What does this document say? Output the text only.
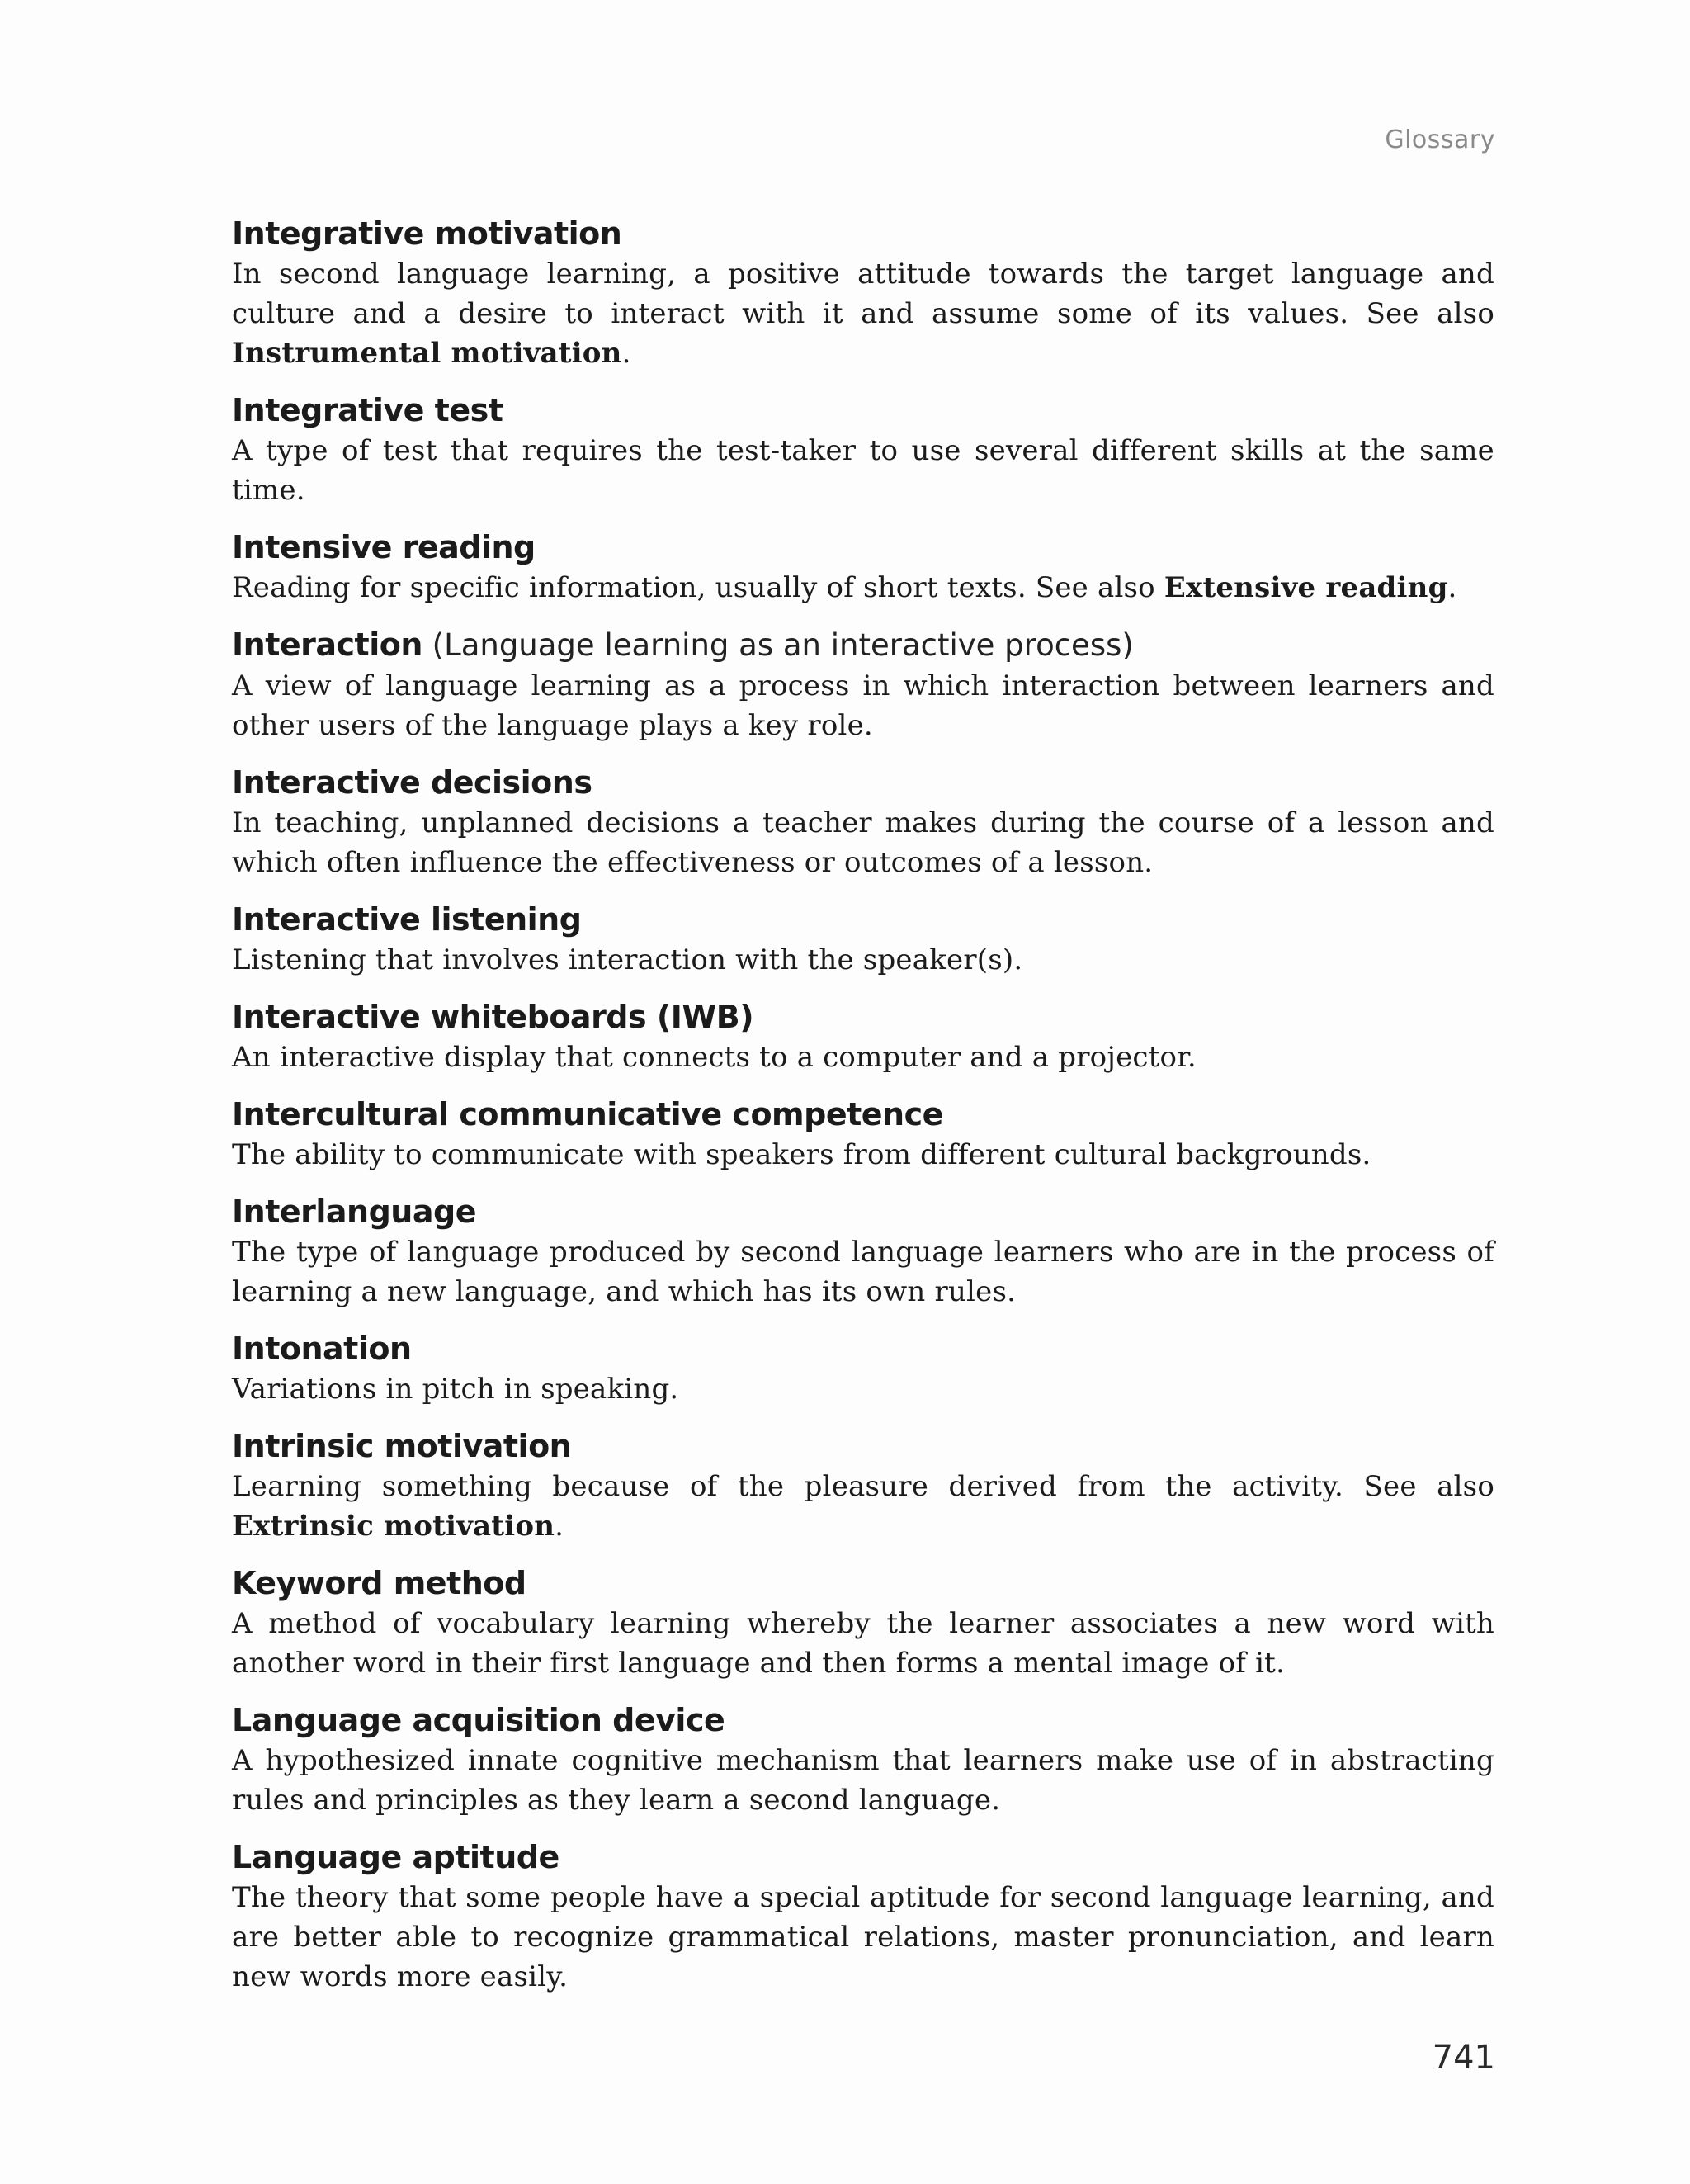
Glossary

Integrative motivation

In second language learning, a positive attitude towards the target language and culture and a desire to interact with it and assume some of its values. See also Instrumental motivation.

Integrative test

A type of test that requires the test-taker to use several different skills at the same time.

Intensive reading

Reading for specific information, usually of short texts. See also Extensive reading.

Interaction (Language learning as an interactive process)

A view of language learning as a process in which interaction between learners and other users of the language plays a key role.

Interactive decisions

In teaching, unplanned decisions a teacher makes during the course of a lesson and which often influence the effectiveness or outcomes of a lesson.

Interactive listening

Listening that involves interaction with the speaker(s).

Interactive whiteboards (IWB)

An interactive display that connects to a computer and a projector.

Intercultural communicative competence

The ability to communicate with speakers from different cultural backgrounds.

Interlanguage

The type of language produced by second language learners who are in the process of learning a new language, and which has its own rules.

Intonation

Variations in pitch in speaking.

Intrinsic motivation

Learning something because of the pleasure derived from the activity. See also Extrinsic motivation.

Keyword method

A method of vocabulary learning whereby the learner associates a new word with another word in their first language and then forms a mental image of it.

Language acquisition device

A hypothesized innate cognitive mechanism that learners make use of in abstracting rules and principles as they learn a second language.

Language aptitude

The theory that some people have a special aptitude for second language learning, and are better able to recognize grammatical relations, master pronunciation, and learn new words more easily.

741
